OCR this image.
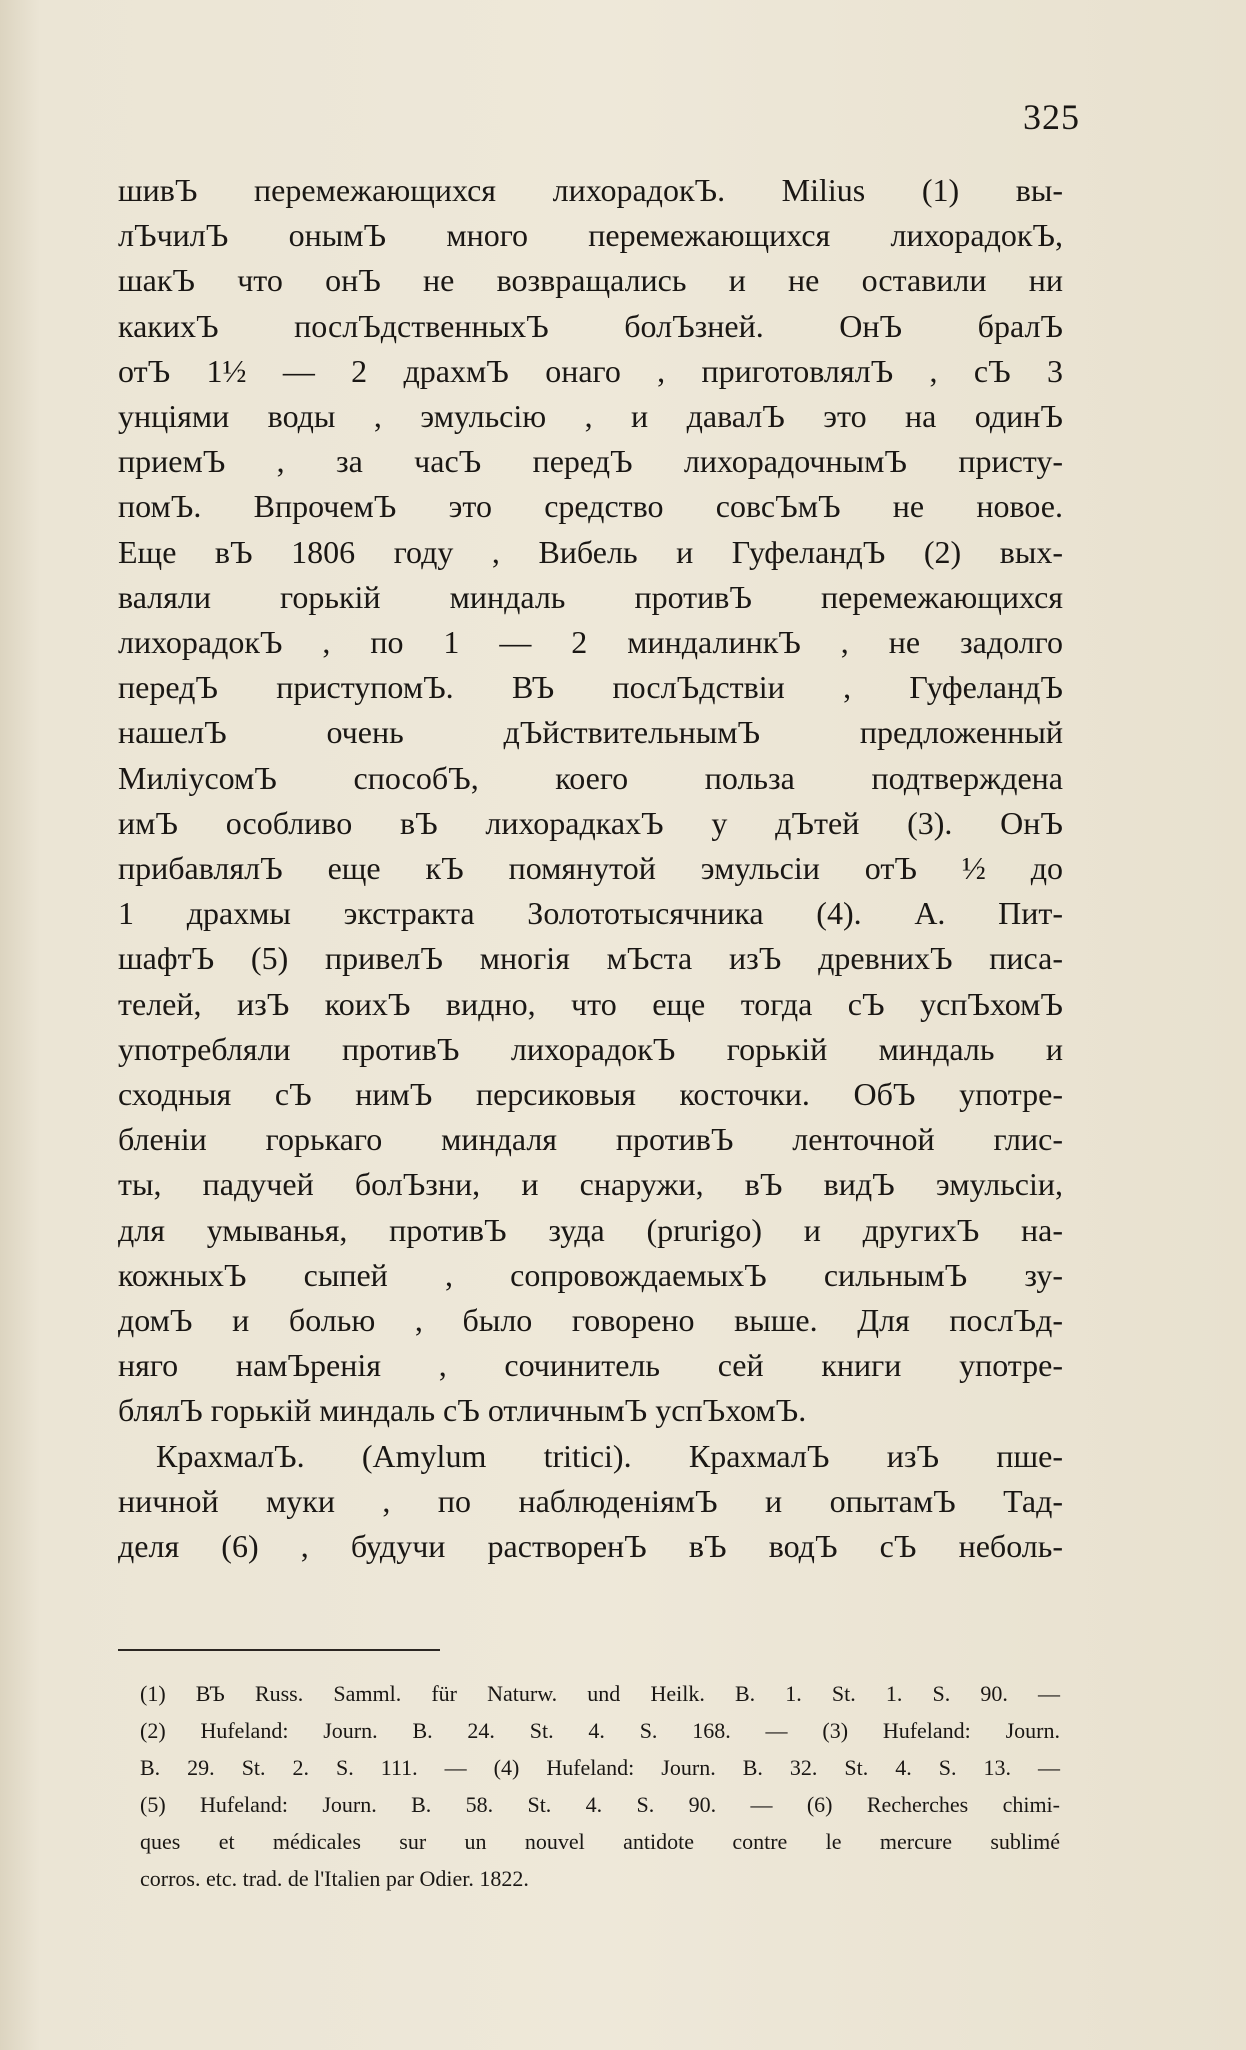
325
шивЪ перемежающихся лихорадокЪ. Milius (1) вы-
лЪчилЪ онымЪ много перемежающихся лихорадокЪ,
шакЪ что онЪ не возвращались и не оставили ни
какихЪ послЪдственныхЪ болЪзней. ОнЪ бралЪ
отЪ 1½ — 2 драхмЪ онаго , приготовлялЪ , сЪ 3
унціями воды , эмульсію , и давалЪ это на одинЪ
приемЪ , за часЪ передЪ лихорадочнымЪ присту-
помЪ. ВпрочемЪ это средство совсЪмЪ не новое.
Еще вЪ 1806 году , Вибель и ГуфеландЪ (2) вых-
валяли горькій миндаль противЪ перемежающихся
лихорадокЪ , по 1 — 2 миндалинкЪ , не задолго
передЪ приступомЪ. ВЪ послЪдствіи , ГуфеландЪ
нашелЪ очень дЪйствительнымЪ предложенный
МиліусомЪ способЪ, коего польза подтверждена
имЪ особливо вЪ лихорадкахЪ у дЪтей (3). ОнЪ
прибавлялЪ еще кЪ помянутой эмульсіи отЪ ½ до
1 драхмы экстракта Золототысячника (4). А. Пит-
шафтЪ (5) привелЪ многія мЪста изЪ древнихЪ писа-
телей, изЪ коихЪ видно, что еще тогда сЪ успЪхомЪ
употребляли противЪ лихорадокЪ горькій миндаль и
сходныя сЪ нимЪ персиковыя косточки. ОбЪ употре-
бленіи горькаго миндаля противЪ ленточной глис-
ты, падучей болЪзни, и снаружи, вЪ видЪ эмульсіи,
для умыванья, противЪ зуда (prurigo) и другихЪ на-
кожныхЪ сыпей , сопровождаемыхЪ сильнымЪ зу-
домЪ и болью , было говорено выше. Для послЪд-
няго намЪренія , сочинитель сей книги употре-
блялЪ горькій миндаль сЪ отличнымЪ успЪхомЪ.
КрахмалЪ. (Amylum tritici). КрахмалЪ изЪ пше-
ничной муки , по наблюденіямЪ и опытамЪ Тад-
деля (6) , будучи растворенЪ вЪ водЪ сЪ неболь-
(1) ВЪ Russ. Samml. für Naturw. und Heilk. B. 1. St. 1. S. 90. —
(2) Hufeland: Journ. B. 24. St. 4. S. 168. — (3) Hufeland: Journ.
B. 29. St. 2. S. 111. — (4) Hufeland: Journ. B. 32. St. 4. S. 13. —
(5) Hufeland: Journ. B. 58. St. 4. S. 90. — (6) Recherches chimi-
ques et médicales sur un nouvel antidote contre le mercure sublimé
corros. etc. trad. de l'Italien par Odier. 1822.
